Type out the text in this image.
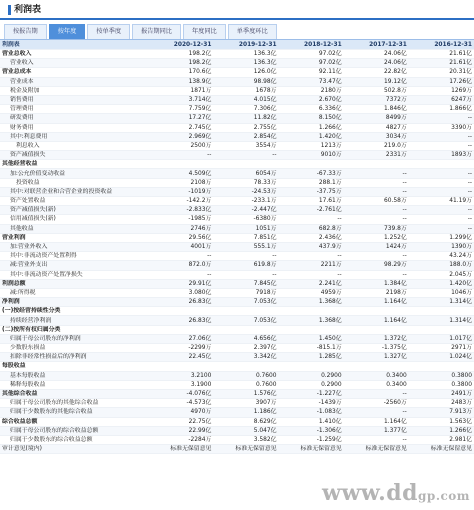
利润表
按报告期	按年度	按单季度	报告期同比	年度同比	单季度环比
利润表	2020-12-31	2019-12-31	2018-12-31	2017-12-31	2016-12-31
营业总收入	198.2亿	136.3亿	97.02亿	24.06亿	21.61亿
营业收入	198.2亿	136.3亿	97.02亿	24.06亿	21.61亿
营业总成本	170.6亿	126.0亿	92.11亿	22.82亿	20.31亿
营业成本	138.9亿	98.98亿	73.47亿	19.12亿	17.26亿
税金及附加	1871万	1678万	2180万	502.8万	1269万
销售费用	3.714亿	4.015亿	2.670亿	7372万	6247万
管理费用	7.759亿	7.306亿	6.336亿	1.846亿	1.866亿
研发费用	17.27亿	11.82亿	8.150亿	8499万	--
财务费用	2.745亿	2.755亿	1.266亿	4827万	3390万
其中:利息费用	2.969亿	2.854亿	1.420亿	3034万	--
利息收入	2500万	3554万	1213万	219.0万	--
资产减值损失	--	--	9010万	2331万	1893万
其他经营收益					
加:公允价值变动收益	4.509亿	6054万	-67.33万	--	--
投资收益	2108万	78.33万	288.1万	--	--
其中:对联营企业和合营企业的投资收益	-1019万	-24.53万	-37.75万	--	--
资产处置收益	-142.2万	-233.1万	17.61万	60.58万	41.19万
资产减值损失(新)	-2.833亿	-2.447亿	-2.761亿	--	--
信用减值损失(新)	-1985万	-6380万	--	--	--
其他收益	2746万	1051万	682.8万	739.8万	--
营业利润	29.56亿	7.851亿	2.436亿	1.252亿	1.299亿
加:营业外收入	4001万	555.1万	437.9万	1424万	1390万
其中:非流动资产处置利得	--	--	--	--	43.24万
减:营业外支出	872.0万	619.8万	2211万	98.29万	188.0万
其中:非流动资产处置净损失	--	--	--	--	2.045万
利润总额	29.91亿	7.845亿	2.241亿	1.384亿	1.420亿
减:所得税	3.080亿	7918万	4959万	2198万	1046万
净利润	26.83亿	7.053亿	1.368亿	1.164亿	1.314亿
(一)按经营持续性分类					
持续经营净利润	26.83亿	7.053亿	1.368亿	1.164亿	1.314亿
(二)按所有权归属分类					
归属于母公司股东的净利润	27.06亿	4.656亿	1.450亿	1.372亿	1.017亿
少数股东损益	-2299万	2.397亿	-815.1万	-1.375亿	2971万
扣除非经常性损益后的净利润	22.45亿	3.342亿	1.285亿	1.327亿	1.024亿
每股收益					
基本每股收益	3.2100	0.7600	0.2900	0.3400	0.3800
稀释每股收益	3.1900	0.7600	0.2900	0.3400	0.3800
其他综合收益	-4.076亿	1.576亿	-1.227亿	--	2491万
归属于母公司股东的其他综合收益	-4.573亿	3907万	-1439万	-2560万	2483万
归属于少数股东的其他综合收益	4970万	1.186亿	-1.083亿	--	7.913万
综合收益总额	22.75亿	8.629亿	1.410亿	1.164亿	1.563亿
归属于母公司股东的综合收益总额	22.99亿	5.047亿	-1.306亿	1.377亿	1.266亿
归属于少数股东的综合收益总额	-2284万	3.582亿	-1.259亿	--	2.981亿
审计意见(境内)	标准无保留意见	标准无保留意见	标准无保留意见	标准无保留意见	标准无保留意见
www.ddgp.com
